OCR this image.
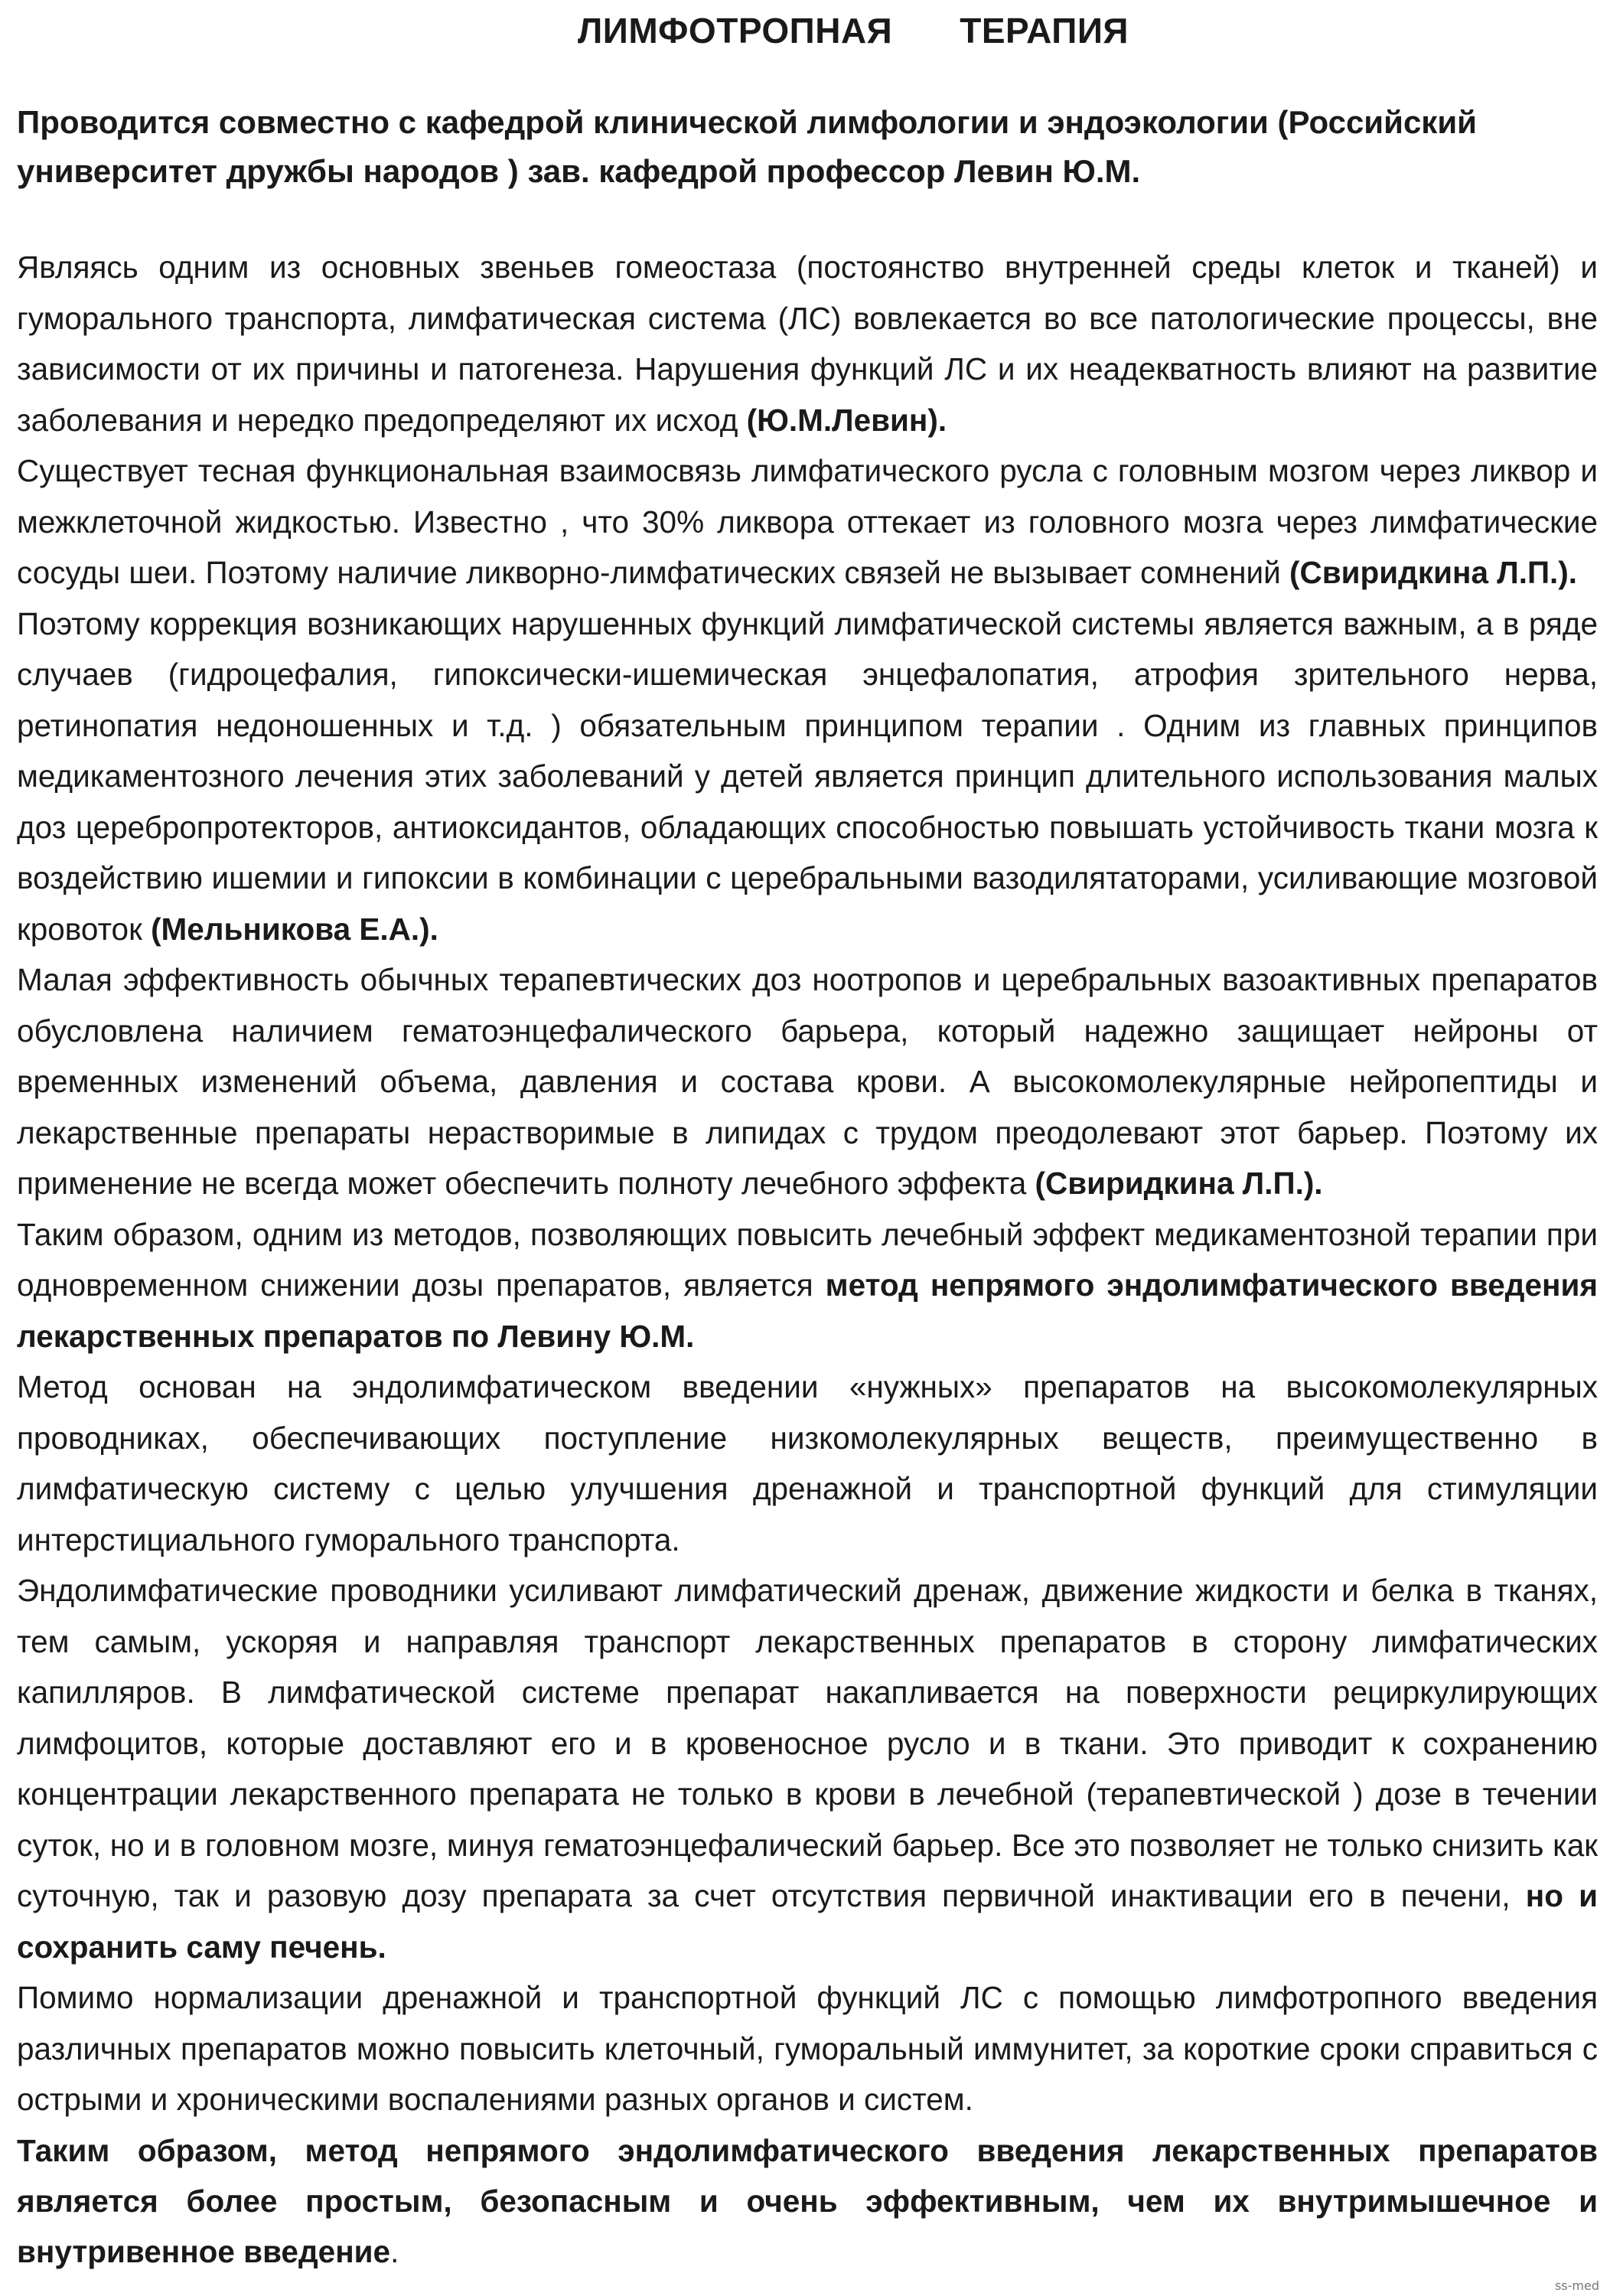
ЛИМФОТРОПНАЯ ТЕРАПИЯ

Проводится совместно с кафедрой клинической лимфологии и эндоэкологии (Российский университет дружбы народов ) зав. кафедрой профессор Левин Ю.М.

Являясь одним из основных звеньев гомеостаза (постоянство внутренней среды клеток и тканей) и гуморального транспорта, лимфатическая система (ЛС) вовлекается во все патологические процессы, вне зависимости от их причины и патогенеза. Нарушения функций ЛС и их неадекватность влияют на развитие заболевания и нередко предопределяют их исход (Ю.М.Левин).

Существует тесная функциональная взаимосвязь лимфатического русла с головным мозгом через ликвор и межклеточной жидкостью. Известно , что 30% ликвора оттекает из головного мозга через лимфатические сосуды шеи. Поэтому наличие ликворно-лимфатических связей не вызывает сомнений (Свиридкина Л.П.).

Поэтому коррекция возникающих нарушенных функций лимфатической системы является важным, а в ряде случаев (гидроцефалия, гипоксически-ишемическая энцефалопатия, атрофия зрительного нерва, ретинопатия недоношенных и т.д. ) обязательным принципом терапии . Одним из главных принципов медикаментозного лечения этих заболеваний у детей является принцип длительного использования малых доз церебропротекторов, антиоксидантов, обладающих способностью повышать устойчивость ткани мозга к воздействию ишемии и гипоксии в комбинации с церебральными вазодилятаторами, усиливающие мозговой кровоток (Мельникова Е.А.).

Малая эффективность обычных терапевтических доз ноотропов и церебральных вазоактивных препаратов обусловлена наличием гематоэнцефалического барьера, который надежно защищает нейроны от временных изменений объема, давления и состава крови. А высокомолекулярные нейропептиды и лекарственные препараты нерастворимые в липидах с трудом преодолевают этот барьер. Поэтому их применение не всегда может обеспечить полноту лечебного эффекта (Свиридкина Л.П.).

Таким образом, одним из методов, позволяющих повысить лечебный эффект медикаментозной терапии при одновременном снижении дозы препаратов, является метод непрямого эндолимфатического введения лекарственных препаратов по Левину Ю.М.

Метод основан на эндолимфатическом введении «нужных» препаратов на высокомолекулярных проводниках, обеспечивающих поступление низкомолекулярных веществ, преимущественно в лимфатическую систему с целью улучшения дренажной и транспортной функций для стимуляции интерстициального гуморального транспорта.

Эндолимфатические проводники усиливают лимфатический дренаж, движение жидкости и белка в тканях, тем самым, ускоряя и направляя транспорт лекарственных препаратов в сторону лимфатических капилляров. В лимфатической системе препарат накапливается на поверхности рециркулирующих лимфоцитов, которые доставляют его и в кровеносное русло и в ткани. Это приводит к сохранению концентрации лекарственного препарата не только в крови в лечебной (терапевтической ) дозе в течении суток, но и в головном мозге, минуя гематоэнцефалический барьер. Все это позволяет не только снизить как суточную, так и разовую дозу препарата за счет отсутствия первичной инактивации его в печени, но и сохранить саму печень.

Помимо нормализации дренажной и транспортной функций ЛС с помощью лимфотропного введения различных препаратов можно повысить клеточный, гуморальный иммунитет, за короткие сроки справиться с острыми и хроническими воспалениями разных органов и систем.

Таким образом, метод непрямого эндолимфатического введения лекарственных препаратов является более простым, безопасным и очень эффективным, чем их внутримышечное и внутривенное введение.

ss-med
